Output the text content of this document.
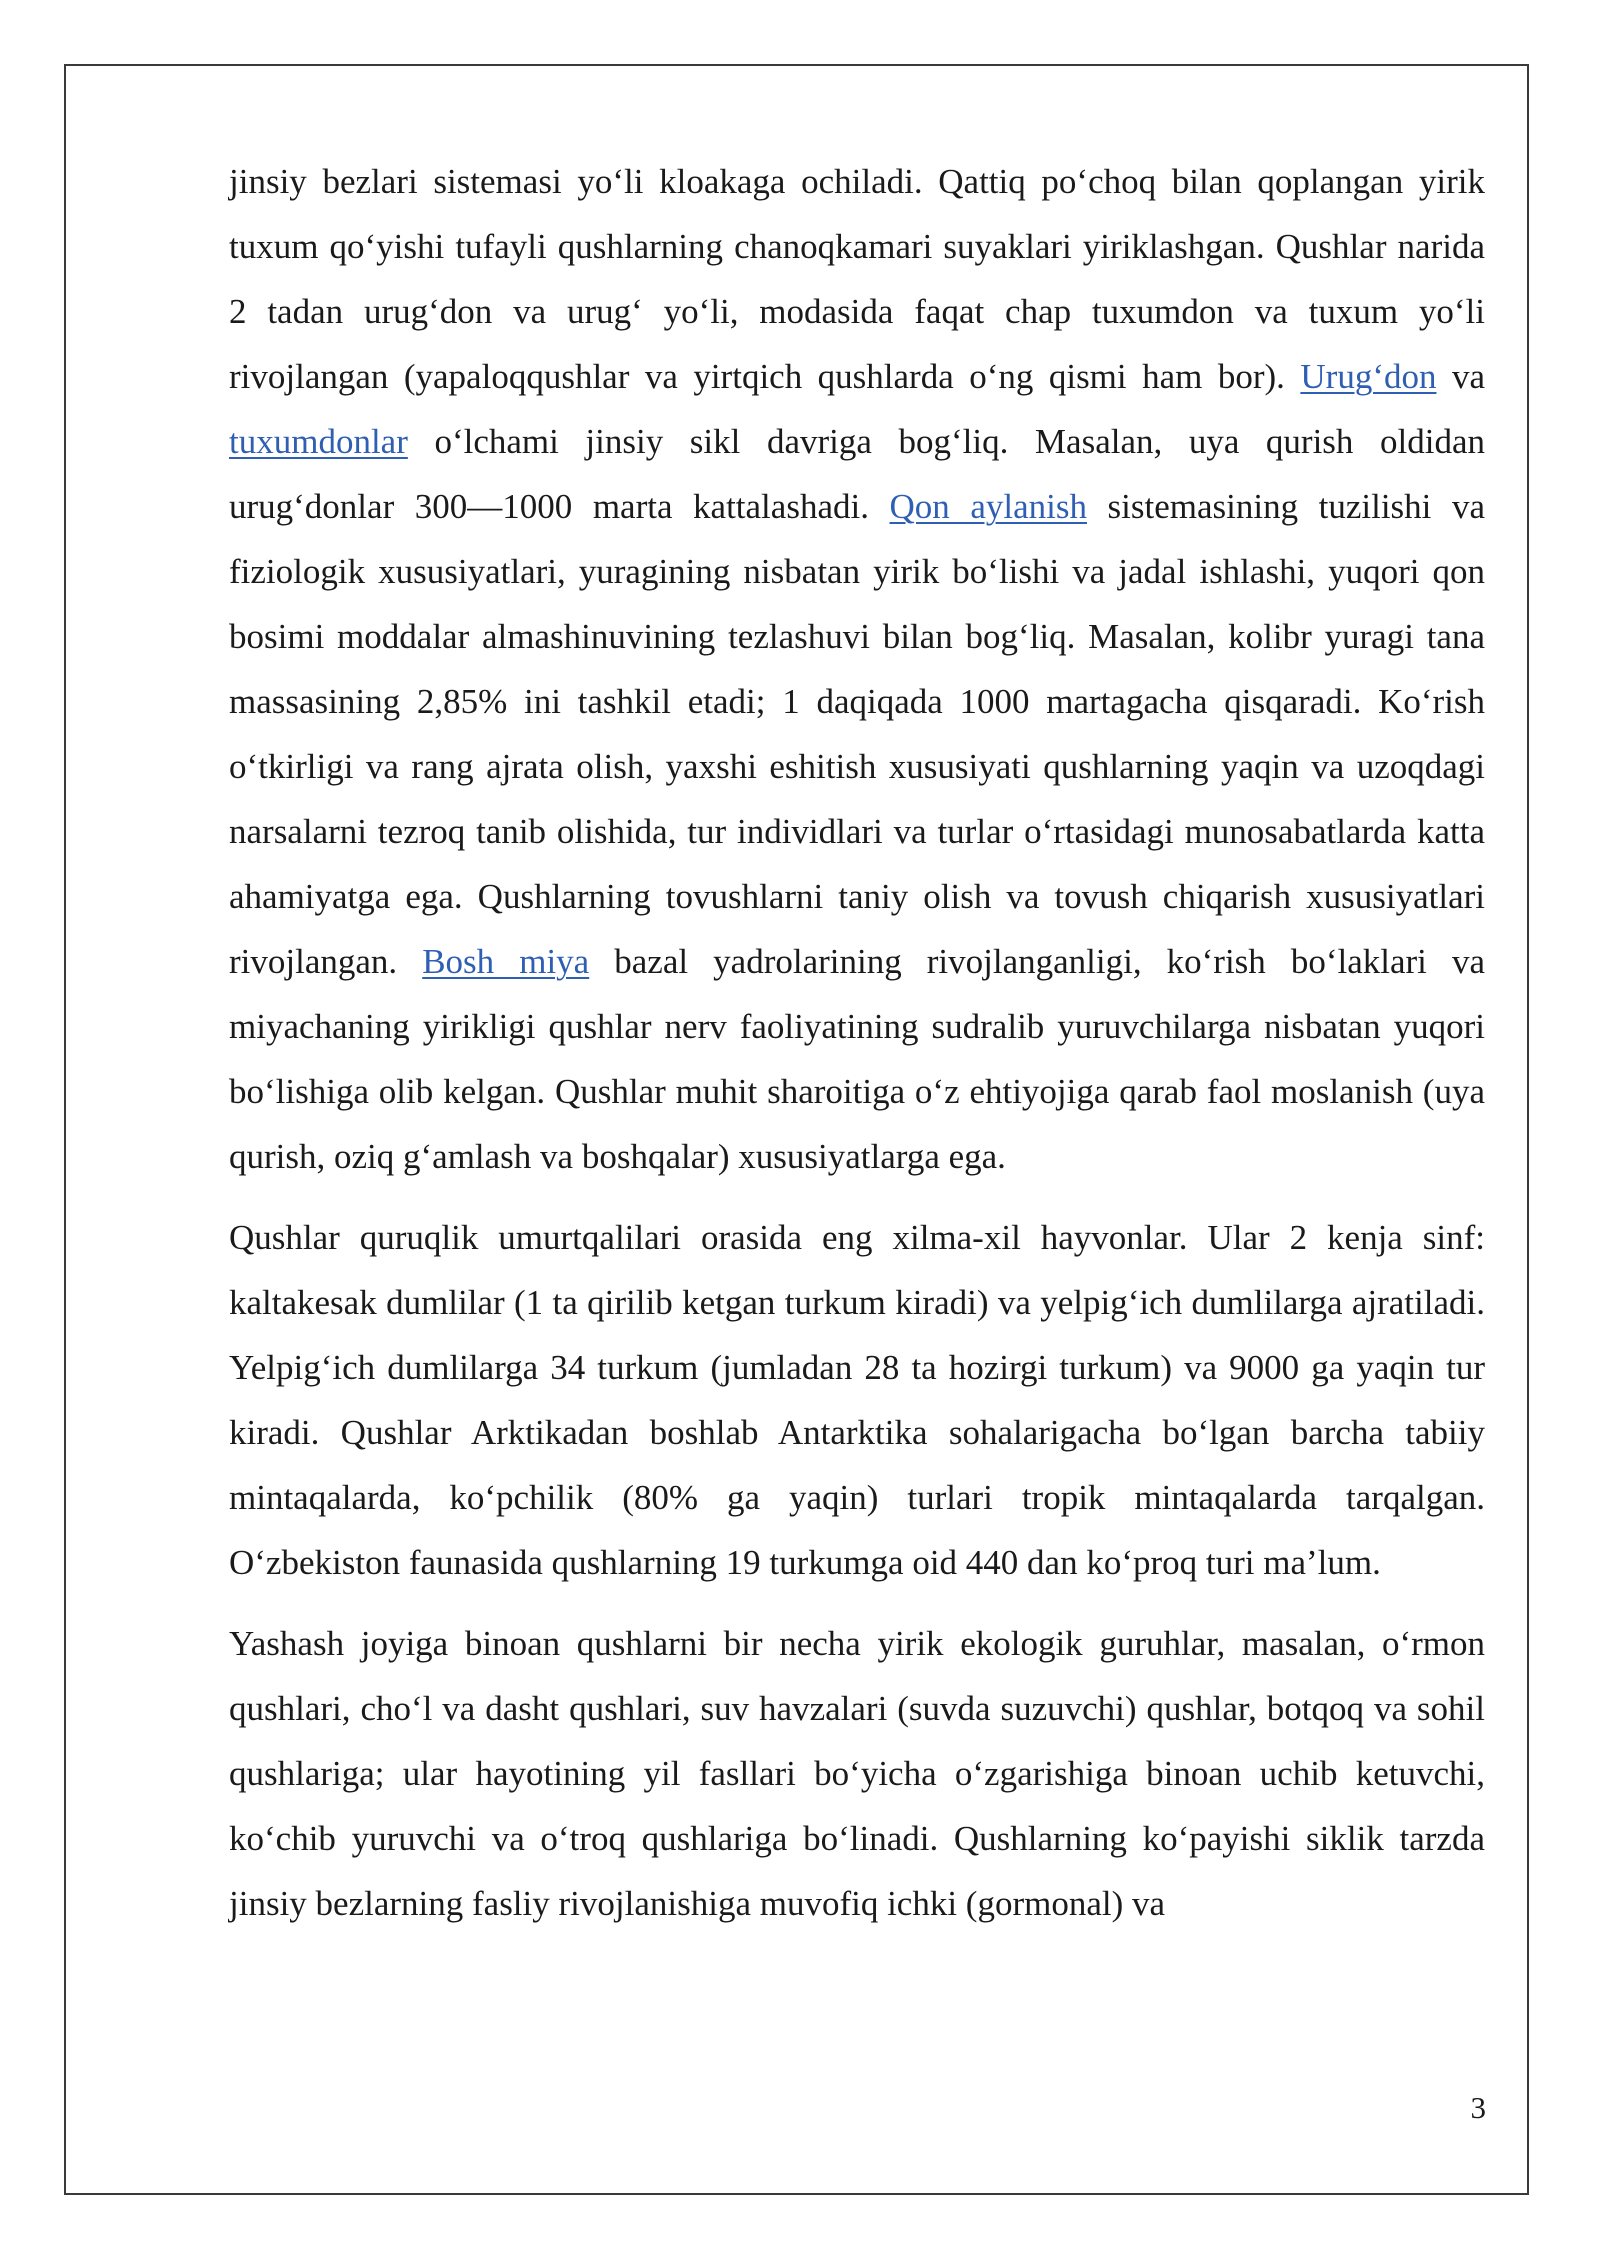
jinsiy bezlari sistemasi yo‘li kloakaga ochiladi. Qattiq po‘choq bilan qoplangan yirik tuxum qo‘yishi tufayli qushlarning chanoqkamari suyaklari yiriklashgan. Qushlar narida 2 tadan urug‘don va urug‘ yo‘li, modasida faqat chap tuxumdon va tuxum yo‘li rivojlangan (yapaloqqushlar va yirtqich qushlarda o‘ng qismi ham bor). Urug‘don va tuxumdonlar o‘lchami jinsiy sikl davriga bog‘liq. Masalan, uya qurish oldidan urug‘donlar 300—1000 marta kattalashadi. Qon aylanish sistemasining tuzilishi va fiziologik xususiyatlari, yuragining nisbatan yirik bo‘lishi va jadal ishlashi, yuqori qon bosimi moddalar almashinuvining tezlashuvi bilan bog‘liq. Masalan, kolibr yuragi tana massasining 2,85% ini tashkil etadi; 1 daqiqada 1000 martagacha qisqaradi. Ko‘rish o‘tkirligi va rang ajrata olish, yaxshi eshitish xususiyati qushlarning yaqin va uzoqdagi narsalarni tezroq tanib olishida, tur individlari va turlar o‘rtasidagi munosabatlarda katta ahamiyatga ega. Qushlarning tovushlarni taniy olish va tovush chiqarish xususiyatlari rivojlangan. Bosh miya bazal yadrolarining rivojlanganligi, ko‘rish bo‘laklari va miyachaning yirikligi qushlar nerv faoliyatining sudralib yuruvchilarga nisbatan yuqori bo‘lishiga olib kelgan. Qushlar muhit sharoitiga o‘z ehtiyojiga qarab faol moslanish (uya qurish, oziq g‘amlash va boshqalar) xususiyatlarga ega.

Qushlar quruqlik umurtqalilari orasida eng xilma-xil hayvonlar. Ular 2 kenja sinf: kaltakesak dumlilar (1 ta qirilib ketgan turkum kiradi) va yelpig‘ich dumlilarga ajratiladi. Yelpig‘ich dumlilarga 34 turkum (jumladan 28 ta hozirgi turkum) va 9000 ga yaqin tur kiradi. Qushlar Arktikadan boshlab Antarktika sohalarigacha bo‘lgan barcha tabiiy mintaqalarda, ko‘pchilik (80% ga yaqin) turlari tropik mintaqalarda tarqalgan. O‘zbekiston faunasida qushlarning 19 turkumga oid 440 dan ko‘proq turi ma’lum.

Yashash joyiga binoan qushlarni bir necha yirik ekologik guruhlar, masalan, o‘rmon qushlari, cho‘l va dasht qushlari, suv havzalari (suvda suzuvchi) qushlar, botqoq va sohil qushlariga; ular hayotining yil fasllari bo‘yicha o‘zgarishiga binoan uchib ketuvchi, ko‘chib yuruvchi va o‘troq qushlariga bo‘linadi. Qushlarning ko‘payishi siklik tarzda jinsiy bezlarning fasliy rivojlanishiga muvofiq ichki (gormonal) va

3
